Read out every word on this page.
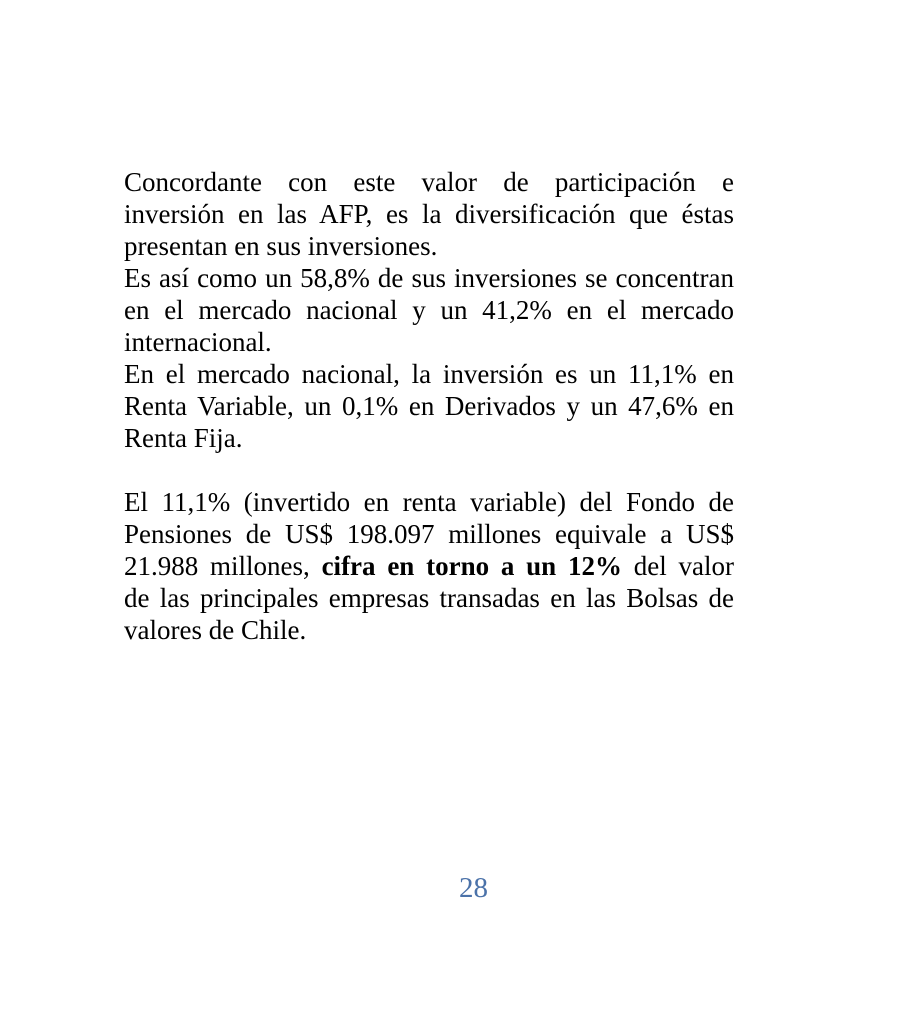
Concordante con este valor de participación e
inversión en las AFP, es la diversificación que éstas
presentan en sus inversiones.

Es así como un 58,8% de sus inversiones se concentran
en el mercado nacional y un 41,2% en el mercado
internacional.

En el mercado nacional, la inversión es un 11,1% en
Renta Variable, un 0,1% en Derivados y un 47,6% en
Renta Fija.

El 11,1% (invertido en renta variable) del Fondo de
Pensiones de US$ 198.097 millones equivale a US$
21.988 millones, cifra en torno a un 12% del valor
de las principales empresas transadas en las Bolsas de
valores de Chile.

28
